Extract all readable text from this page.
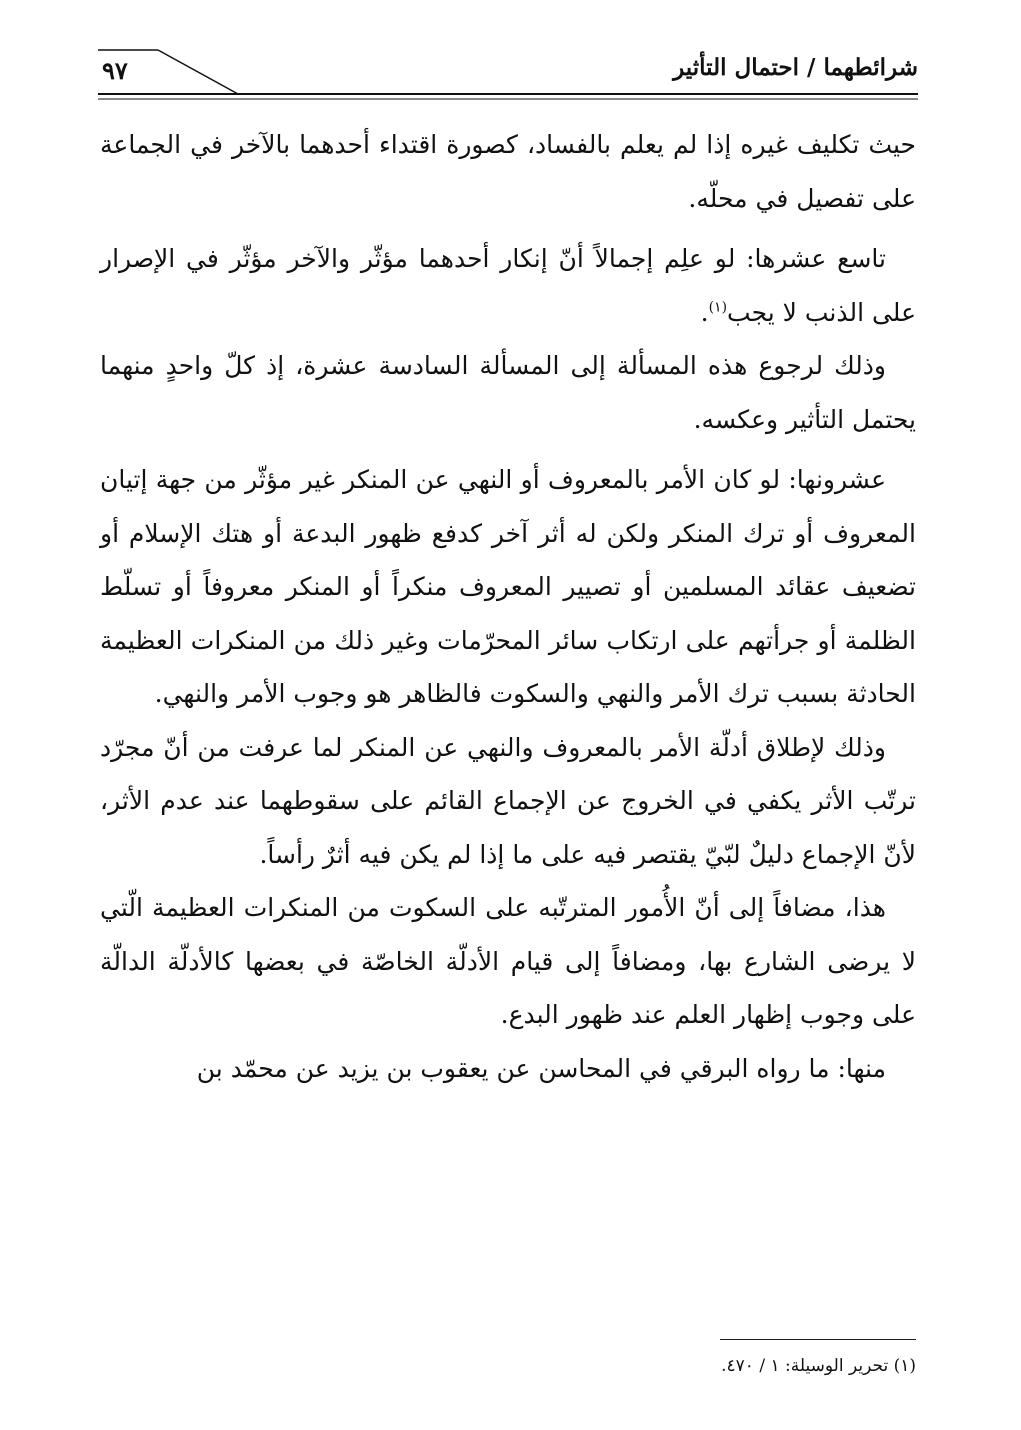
شرائطهما / احتمال التأثير
٩٧

حيث تكليف غيره إذا لم يعلم بالفساد، كصورة اقتداء أحدهما بالآخر في الجماعة على تفصيل في محلّه.

تاسع عشرها: لو علِم إجمالاً أنّ إنكار أحدهما مؤثّر والآخر مؤثّر في الإصرار على الذنب لا يجب$^{(١)}$.

وذلك لرجوع هذه المسألة إلى المسألة السادسة عشرة، إذ كلّ واحدٍ منهما يحتمل التأثير وعكسه.

عشرونها: لو كان الأمر بالمعروف أو النهي عن المنكر غير مؤثّر من جهة إتيان المعروف أو ترك المنكر ولكن له أثر آخر كدفع ظهور البدعة أو هتك الإسلام أو تضعيف عقائد المسلمين أو تصيير المعروف منكراً أو المنكر معروفاً أو تسلّط الظلمة أو جرأتهم على ارتكاب سائر المحرّمات وغير ذلك من المنكرات العظيمة الحادثة بسبب ترك الأمر والنهي والسكوت فالظاهر هو وجوب الأمر والنهي.

وذلك لإطلاق أدلّة الأمر بالمعروف والنهي عن المنكر لما عرفت من أنّ مجرّد ترتّب الأثر يكفي في الخروج عن الإجماع القائم على سقوطهما عند عدم الأثر، لأنّ الإجماع دليلٌ لبّيّ يقتصر فيه على ما إذا لم يكن فيه أثرٌ رأساً.

هذا، مضافاً إلى أنّ الأُمور المترتّبه على السكوت من المنكرات العظيمة الّتي لا يرضى الشارع بها، ومضافاً إلى قيام الأدلّة الخاصّة في بعضها كالأدلّة الدالّة على وجوب إظهار العلم عند ظهور البدع.

منها: ما رواه البرقي في المحاسن عن يعقوب بن يزيد عن محمّد بن

(١) تحرير الوسيلة: ١ / ٤٧٠.
